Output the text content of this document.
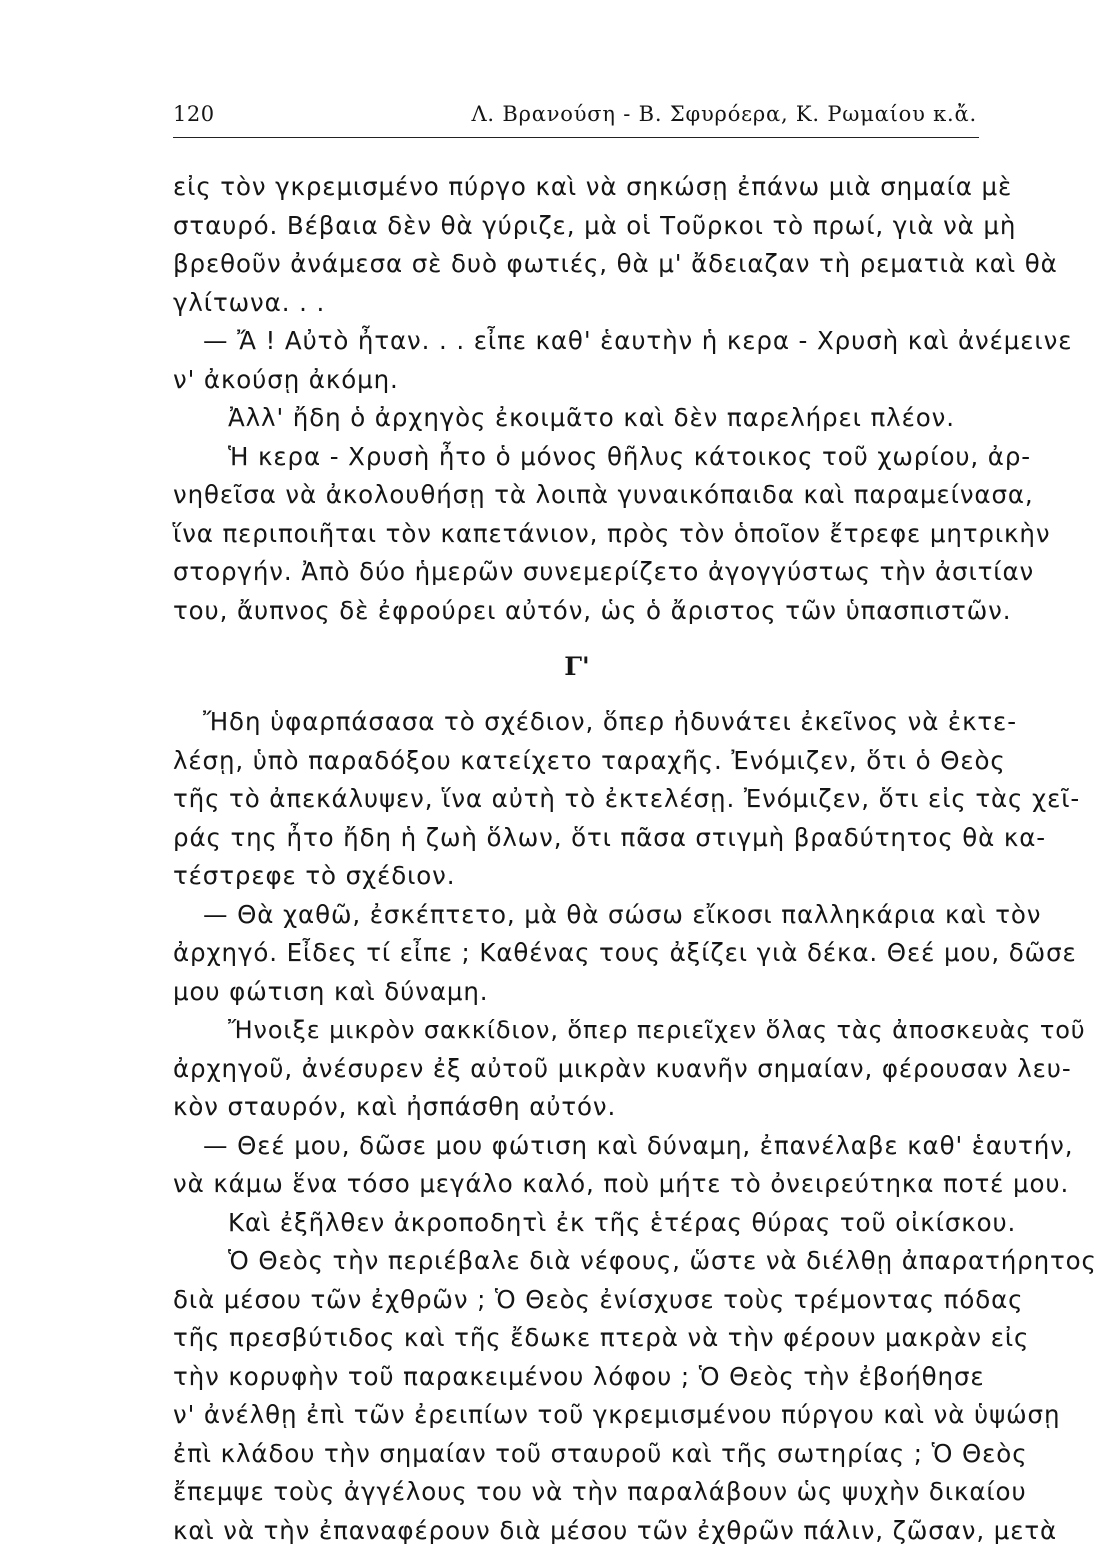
120	Λ. Βρανούση - Β. Σφυρόερα, Κ. Ρωμαίου κ.ἄ.
εἰς τὸν γκρεμισμένο πύργο καὶ νὰ σηκώσῃ ἐπάνω μιὰ σημαία μὲ
σταυρό. Βέβαια δὲν θὰ γύριζε, μὰ οἱ Τοῦρκοι τὸ πρωί, γιὰ νὰ μὴ
βρεθοῦν ἀνάμεσα σὲ δυὸ φωτιές, θὰ μ' ἄδειαζαν τὴ ρεματιὰ καὶ θὰ
γλίτωνα. . .
— Ἄ ! Αὐτὸ ἦταν. . . εἶπε καθ' ἑαυτὴν ἡ κερα - Χρυσὴ καὶ ἀνέμεινε
ν' ἀκούσῃ ἀκόμη.
Ἀλλ' ἤδη ὁ ἀρχηγὸς ἐκοιμᾶτο καὶ δὲν παρελήρει πλέον.
Ἡ κερα - Χρυσὴ ἦτο ὁ μόνος θῆλυς κάτοικος τοῦ χωρίου, ἀρ-
νηθεῖσα νὰ ἀκολουθήσῃ τὰ λοιπὰ γυναικόπαιδα καὶ παραμείνασα,
ἵνα περιποιῆται τὸν καπετάνιον, πρὸς τὸν ὁποῖον ἔτρεφε μητρικὴν
στοργήν. Ἀπὸ δύο ἡμερῶν συνεμερίζετο ἀγογγύστως τὴν ἀσιτίαν
του, ἄυπνος δὲ ἐφρούρει αὐτόν, ὡς ὁ ἄριστος τῶν ὑπασπιστῶν.
Γ'
Ἤδη ὑφαρπάσασα τὸ σχέδιον, ὅπερ ἠδυνάτει ἐκεῖνος νὰ ἐκτε-
λέσῃ, ὑπὸ παραδόξου κατείχετο ταραχῆς. Ἐνόμιζεν, ὅτι ὁ Θεὸς
τῆς τὸ ἀπεκάλυψεν, ἵνα αὐτὴ τὸ ἐκτελέσῃ. Ἐνόμιζεν, ὅτι εἰς τὰς χεῖ-
ράς της ἦτο ἤδη ἡ ζωὴ ὅλων, ὅτι πᾶσα στιγμὴ βραδύτητος θὰ κα-
τέστρεφε τὸ σχέδιον.
— Θὰ χαθῶ, ἐσκέπτετο, μὰ θὰ σώσω εἴκοσι παλληκάρια καὶ τὸν
ἀρχηγό. Εἶδες τί εἶπε ; Καθένας τους ἀξίζει γιὰ δέκα. Θεέ μου, δῶσε
μου φώτιση καὶ δύναμη.
Ἤνοιξε μικρὸν σακκίδιον, ὅπερ περιεῖχεν ὅλας τὰς ἀποσκευὰς τοῦ
ἀρχηγοῦ, ἀνέσυρεν ἐξ αὐτοῦ μικρὰν κυανῆν σημαίαν, φέρουσαν λευ-
κὸν σταυρόν, καὶ ἠσπάσθη αὐτόν.
— Θεέ μου, δῶσε μου φώτιση καὶ δύναμη, ἐπανέλαβε καθ' ἑαυτήν,
νὰ κάμω ἕνα τόσο μεγάλο καλό, ποὺ μήτε τὸ ὀνειρεύτηκα ποτέ μου.
Καὶ ἐξῆλθεν ἀκροποδητὶ ἐκ τῆς ἑτέρας θύρας τοῦ οἰκίσκου.
Ὁ Θεὸς τὴν περιέβαλε διὰ νέφους, ὥστε νὰ διέλθῃ ἀπαρατήρητος
διὰ μέσου τῶν ἐχθρῶν ; Ὁ Θεὸς ἐνίσχυσε τοὺς τρέμοντας πόδας
τῆς πρεσβύτιδος καὶ τῆς ἔδωκε πτερὰ νὰ τὴν φέρουν μακρὰν εἰς
τὴν κορυφὴν τοῦ παρακειμένου λόφου ; Ὁ Θεὸς τὴν ἐβοήθησε
ν' ἀνέλθῃ ἐπὶ τῶν ἐρειπίων τοῦ γκρεμισμένου πύργου καὶ νὰ ὑψώσῃ
ἐπὶ κλάδου τὴν σημαίαν τοῦ σταυροῦ καὶ τῆς σωτηρίας ; Ὁ Θεὸς
ἔπεμψε τοὺς ἀγγέλους του νὰ τὴν παραλάβουν ὡς ψυχὴν δικαίου
καὶ νὰ τὴν ἐπαναφέρουν διὰ μέσου τῶν ἐχθρῶν πάλιν, ζῶσαν, μετὰ
